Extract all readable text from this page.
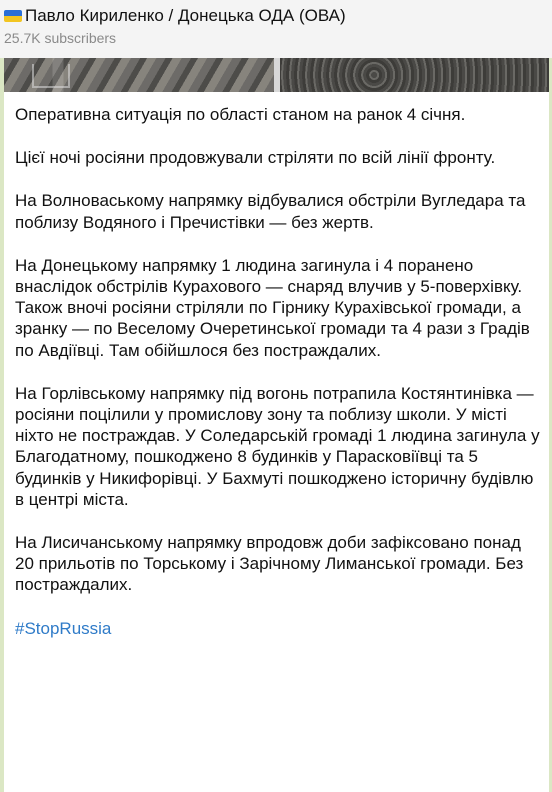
Павло Кириленко / Донецька ОДА (ОВА)
25.7K subscribers

Оперативна ситуація по області станом на ранок 4 січня.

Цієї ночі росіяни продовжували стріляти по всій лінії фронту.

На Волноваському напрямку відбувалися обстріли Вугледара та поблизу Водяного і Пречистівки — без жертв.

На Донецькому напрямку 1 людина загинула і 4 поранено внаслідок обстрілів Курахового — снаряд влучив у 5-поверхівку. Також вночі росіяни стріляли по Гірнику Курахівської громади, а зранку — по Веселому Очеретинської громади та 4 рази з Градів по Авдіївці. Там обійшлося без постраждалих.

На Горлівському напрямку під вогонь потрапила Костянтинівка — росіяни поцілили у промислову зону та поблизу школи. У місті ніхто не постраждав. У Соледарській громаді 1 людина загинула у Благодатному, пошкоджено 8 будинків у Парасковіївці та 5 будинків у Никифорівці. У Бахмуті пошкоджено історичну будівлю в центрі міста.

На Лисичанському напрямку впродовж доби зафіксовано понад 20 прильотів по Торському і Зарічному Лиманської громади. Без постраждалих.

#StopRussia
